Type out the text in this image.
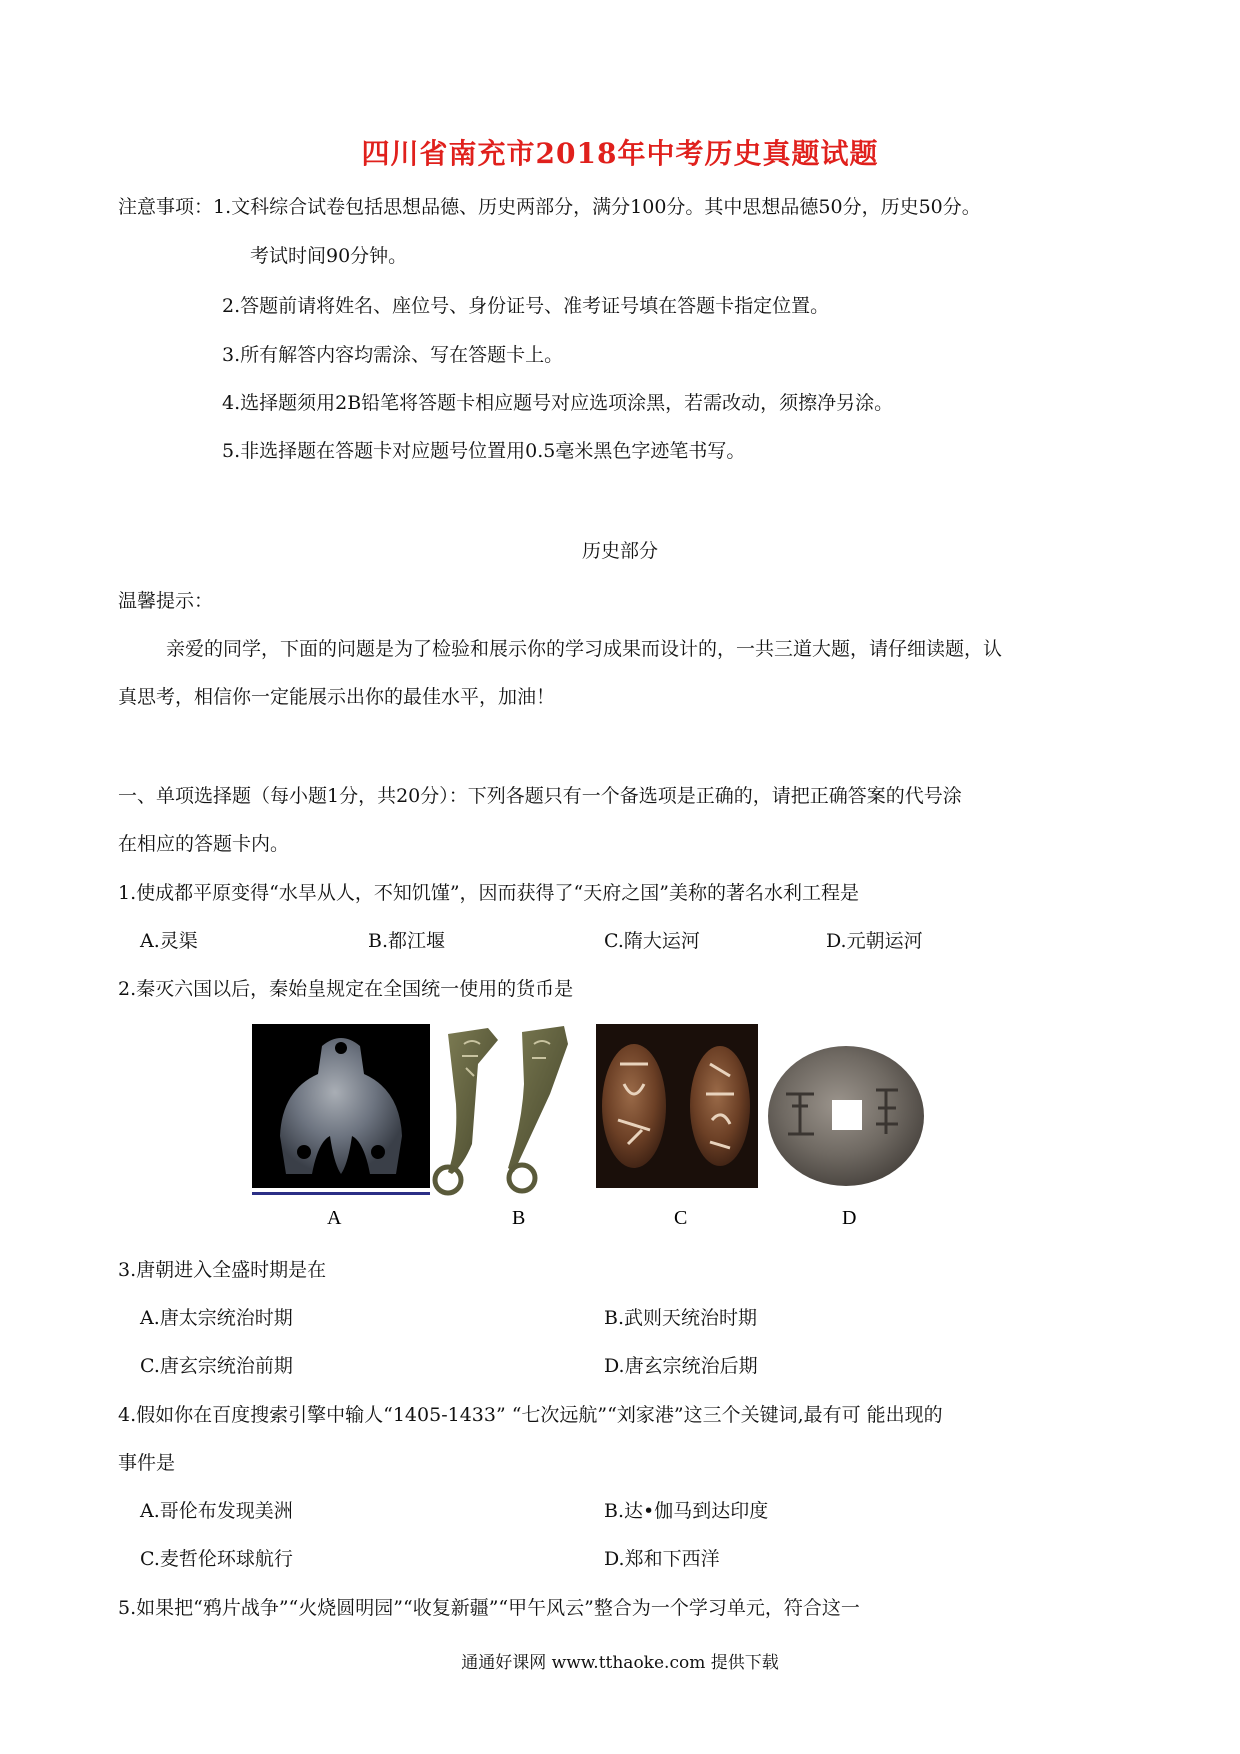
四川省南充市2018年中考历史真题试题
注意事项：1.文科综合试卷包括思想品德、历史两部分，满分100分。其中思想品德50分，历史50分。
考试时间90分钟。
2.答题前请将姓名、座位号、身份证号、准考证号填在答题卡指定位置。
3.所有解答内容均需涂、写在答题卡上。
4.选择题须用2B铅笔将答题卡相应题号对应选项涂黑，若需改动，须擦净另涂。
5.非选择题在答题卡对应题号位置用0.5毫米黑色字迹笔书写。
历史部分
温馨提示：
亲爱的同学，下面的问题是为了检验和展示你的学习成果而设计的，一共三道大题，请仔细读题，认
真思考，相信你一定能展示出你的最佳水平，加油！
一、单项选择题（每小题1分，共20分）：下列各题只有一个备选项是正确的，请把正确答案的代号涂
在相应的答题卡内。
1.使成都平原变得“水旱从人，不知饥馑”，因而获得了“天府之国”美称的著名水利工程是
A.灵渠	B.都江堰	C.隋大运河	D.元朝运河
2.秦灭六国以后，秦始皇规定在全国统一使用的货币是
A	B	C	D
3.唐朝进入全盛时期是在
A.唐太宗统治时期	B.武则天统治时期
C.唐玄宗统治前期	D.唐玄宗统治后期
4.假如你在百度搜索引擎中输人“1405-1433” “七次远航”“刘家港”这三个关键词,最有可 能出现的
事件是
A.哥伦布发现美洲	B.达•伽马到达印度
C.麦哲伦环球航行	D.郑和下西洋
5.如果把“鸦片战争”“火烧圆明园”“收复新疆”“甲午风云”整合为一个学习单元，符合这一
通通好课网 www.tthaoke.com 提供下载
